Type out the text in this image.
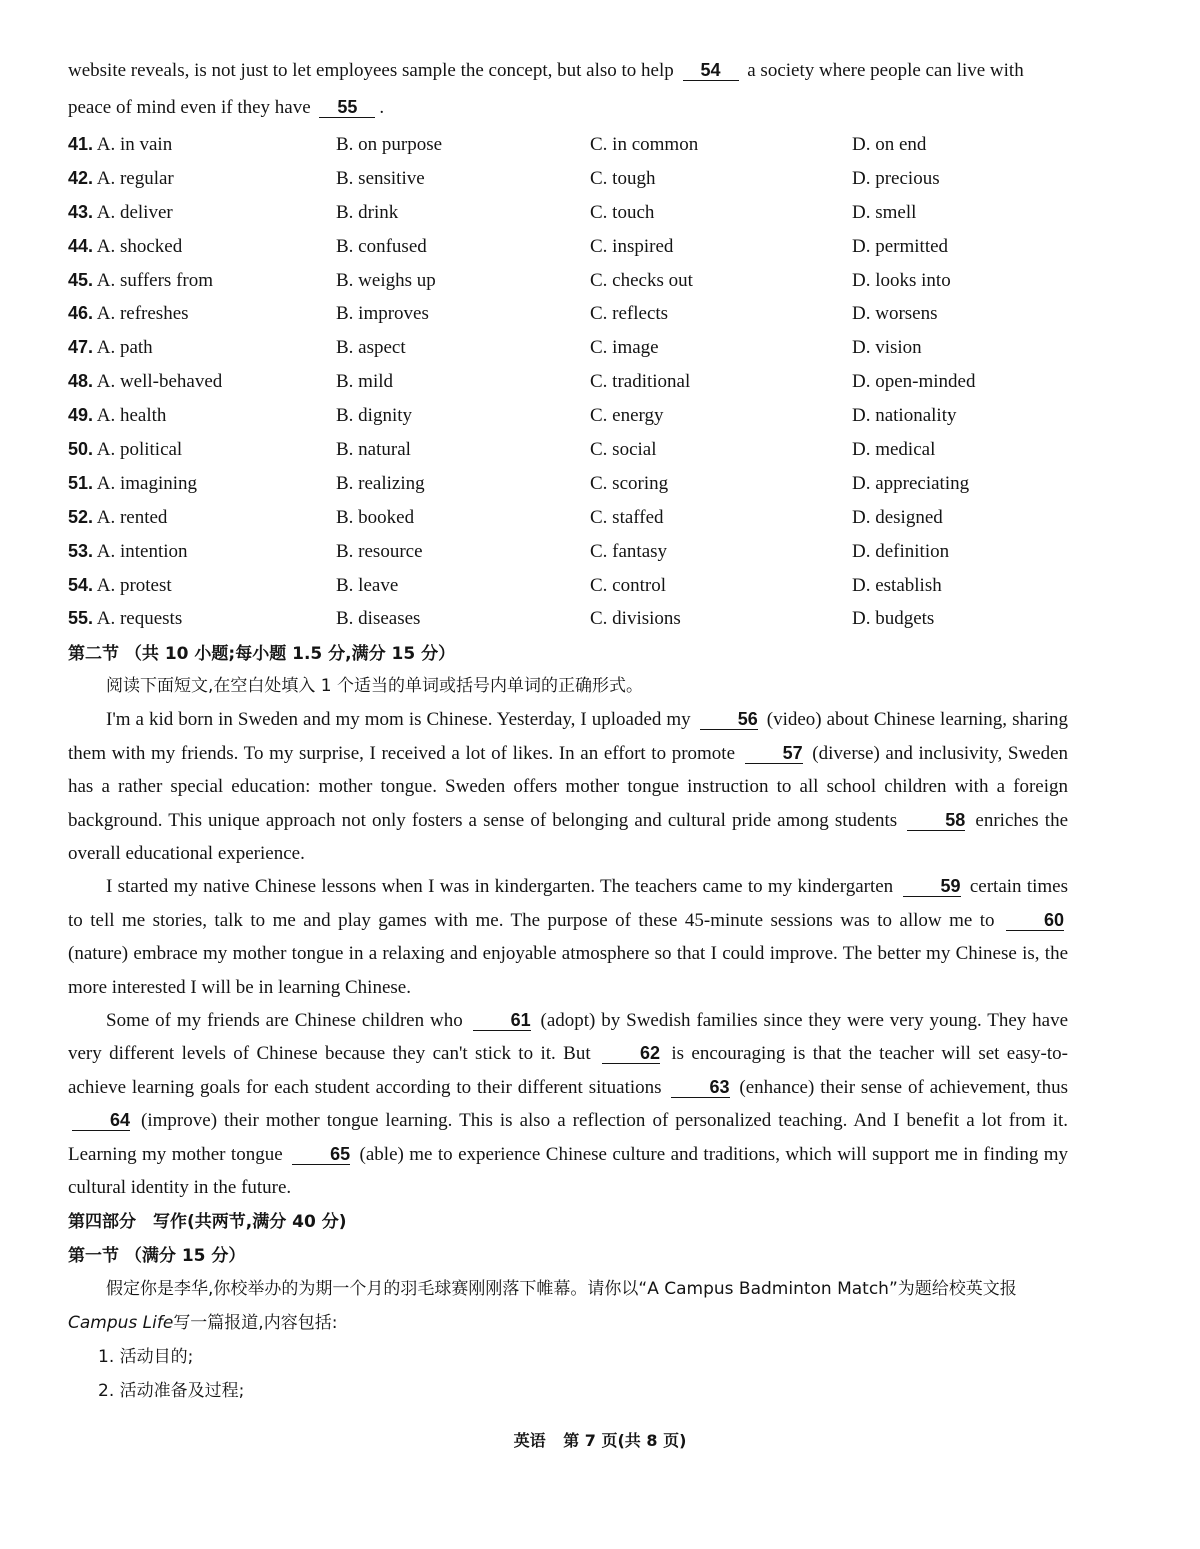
website reveals, is not just to let employees sample the concept, but also to help 54 a society where people can live with peace of mind even if they have 55 .
41. A. in vain	B. on purpose	C. in common	D. on end
42. A. regular	B. sensitive	C. tough	D. precious
43. A. deliver	B. drink	C. touch	D. smell
44. A. shocked	B. confused	C. inspired	D. permitted
45. A. suffers from	B. weighs up	C. checks out	D. looks into
46. A. refreshes	B. improves	C. reflects	D. worsens
47. A. path	B. aspect	C. image	D. vision
48. A. well-behaved	B. mild	C. traditional	D. open-minded
49. A. health	B. dignity	C. energy	D. nationality
50. A. political	B. natural	C. social	D. medical
51. A. imagining	B. realizing	C. scoring	D. appreciating
52. A. rented	B. booked	C. staffed	D. designed
53. A. intention	B. resource	C. fantasy	D. definition
54. A. protest	B. leave	C. control	D. establish
55. A. requests	B. diseases	C. divisions	D. budgets
第二节 （共 10 小题;每小题 1.5 分,满分 15 分）

阅读下面短文,在空白处填入 1 个适当的单词或括号内单词的正确形式。

I'm a kid born in Sweden and my mom is Chinese. Yesterday, I uploaded my	56 (video) about Chinese learning, sharing them with my friends. To my surprise, I received a lot of likes. In an effort to promote	57 (diverse) and inclusivity, Sweden has a rather special education: mother tongue. Sweden offers mother tongue instruction to all school children with a foreign background. This unique approach not only fosters a sense of belonging and cultural pride among students	58 enriches the overall educational experience.

I started my native Chinese lessons when I was in kindergarten. The teachers came to my kindergarten	59 certain times to tell me stories, talk to me and play games with me. The purpose of these 45-minute sessions was to allow me to	60 (nature) embrace my mother tongue in a relaxing and enjoyable atmosphere so that I could improve. The better my Chinese is, the more interested I will be in learning Chinese.

Some of my friends are Chinese children who	61 (adopt) by Swedish families since they were very young. They have very different levels of Chinese because they can't stick to it. But	62 is encouraging is that the teacher will set easy-to-achieve learning goals for each student according to their different situations	63 (enhance) their sense of achievement, thus 64 (improve) their mother tongue learning. This is also a reflection of personalized teaching. And I benefit a lot from it. Learning my mother tongue	65 (able) me to experience Chinese culture and traditions, which will support me in finding my cultural identity in the future.

第四部分　写作(共两节,满分 40 分)
第一节 （满分 15 分）

假定你是李华,你校举办的为期一个月的羽毛球赛刚刚落下帷幕。请你以“A Campus Badminton Match”为题给校英文报Campus Life写一篇报道,内容包括:

1. 活动目的;
2. 活动准备及过程;
英语 第 7 页(共 8 页)
